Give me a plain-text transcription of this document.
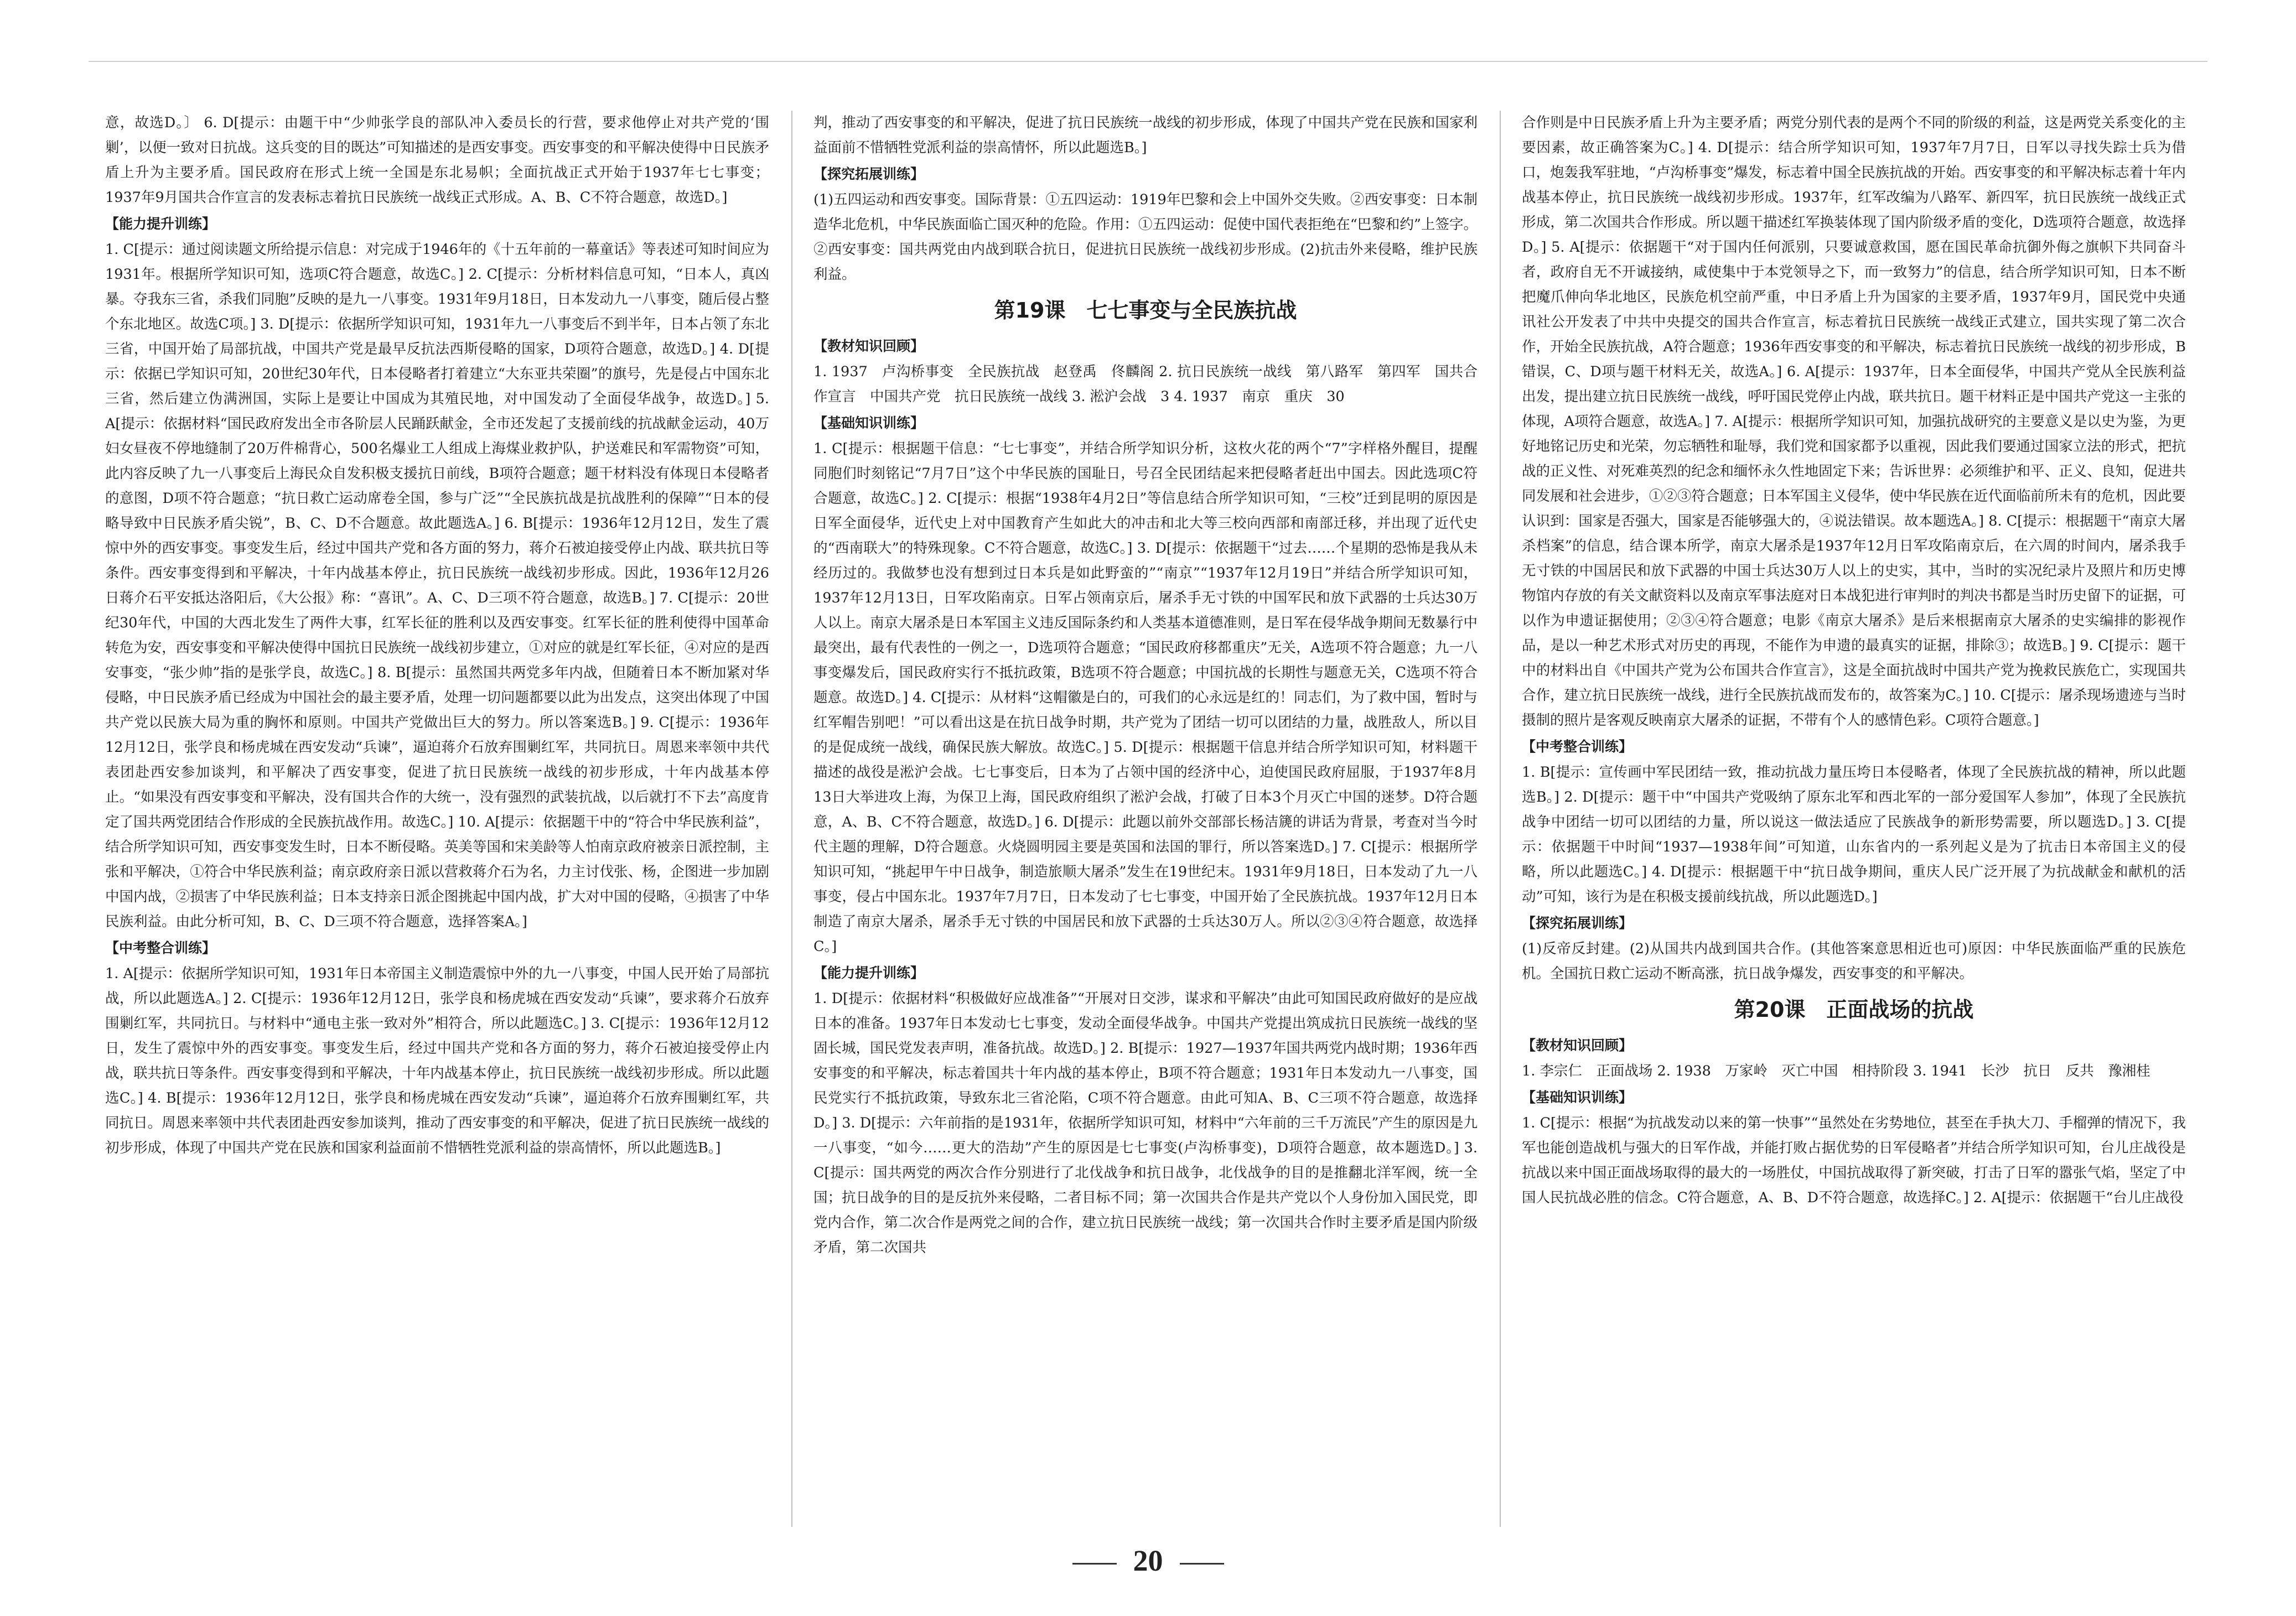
意，故选D。〕 6. D[提示：由题干中“少帅张学良的部队冲入委员长的行营，要求他停止对共产党的‘围剿’，以便一致对日抗战。这兵变的目的既达”可知描述的是西安事变。西安事变的和平解决使得中日民族矛盾上升为主要矛盾。国民政府在形式上统一全国是东北易帜；全面抗战正式开始于1937年七七事变；1937年9月国共合作宣言的发表标志着抗日民族统一战线正式形成。A、B、C不符合题意，故选D。]

【能力提升训练】

1. C[提示：通过阅读题文所给提示信息：对完成于1946年的《十五年前的一幕童话》等表述可知时间应为1931年。根据所学知识可知，选项C符合题意，故选C。] 2. C[提示：分析材料信息可知，“日本人，真凶暴。夺我东三省，杀我们同胞”反映的是九一八事变。1931年9月18日，日本发动九一八事变，随后侵占整个东北地区。故选C项。] 3. D[提示：依据所学知识可知，1931年九一八事变后不到半年，日本占领了东北三省，中国开始了局部抗战，中国共产党是最早反抗法西斯侵略的国家，D项符合题意，故选D。] 4. D[提示：依据已学知识可知，20世纪30年代，日本侵略者打着建立“大东亚共荣圈”的旗号，先是侵占中国东北三省，然后建立伪满洲国，实际上是要让中国成为其殖民地，对中国发动了全面侵华战争，故选D。] 5. A[提示：依据材料“国民政府发出全市各阶层人民踊跃献金，全市还发起了支援前线的抗战献金运动，40万妇女昼夜不停地缝制了20万件棉背心，500名爆业工人组成上海煤业救护队，护送难民和军需物资”可知，此内容反映了九一八事变后上海民众自发积极支援抗日前线，B项符合题意；题干材料没有体现日本侵略者的意图，D项不符合题意；“抗日救亡运动席卷全国，参与广泛”“全民族抗战是抗战胜利的保障”“日本的侵略导致中日民族矛盾尖锐”，B、C、D不合题意。故此题选A。] 6. B[提示：1936年12月12日，发生了震惊中外的西安事变。事变发生后，经过中国共产党和各方面的努力，蒋介石被迫接受停止内战、联共抗日等条件。西安事变得到和平解决，十年内战基本停止，抗日民族统一战线初步形成。因此，1936年12月26日蒋介石平安抵达洛阳后，《大公报》称：“喜讯”。A、C、D三项不符合题意，故选B。] 7. C[提示：20世纪30年代，中国的大西北发生了两件大事，红军长征的胜利以及西安事变。红军长征的胜利使得中国革命转危为安，西安事变和平解决使得中国抗日民族统一战线初步建立，①对应的就是红军长征，④对应的是西安事变，“张少帅”指的是张学良，故选C。] 8. B[提示：虽然国共两党多年内战，但随着日本不断加紧对华侵略，中日民族矛盾已经成为中国社会的最主要矛盾，处理一切问题都要以此为出发点，这突出体现了中国共产党以民族大局为重的胸怀和原则。中国共产党做出巨大的努力。所以答案选B。] 9. C[提示：1936年12月12日，张学良和杨虎城在西安发动“兵谏”，逼迫蒋介石放弃围剿红军，共同抗日。周恩来率领中共代表团赴西安参加谈判，和平解决了西安事变，促进了抗日民族统一战线的初步形成，十年内战基本停止。“如果没有西安事变和平解决，没有国共合作的大统一，没有强烈的武装抗战，以后就打不下去”高度肯定了国共两党团结合作形成的全民族抗战作用。故选C。] 10. A[提示：依据题干中的“符合中华民族利益”，结合所学知识可知，西安事变发生时，日本不断侵略。英美等国和宋美龄等人怕南京政府被亲日派控制，主张和平解决，①符合中华民族利益；南京政府亲日派以营救蒋介石为名，力主讨伐张、杨，企图进一步加剧中国内战，②损害了中华民族利益；日本支持亲日派企图挑起中国内战，扩大对中国的侵略，④损害了中华民族利益。由此分析可知，B、C、D三项不符合题意，选择答案A。]

【中考整合训练】

1. A[提示：依据所学知识可知，1931年日本帝国主义制造震惊中外的九一八事变，中国人民开始了局部抗战，所以此题选A。] 2. C[提示：1936年12月12日，张学良和杨虎城在西安发动“兵谏”，要求蒋介石放弃围剿红军，共同抗日。与材料中“通电主张一致对外”相符合，所以此题选C。] 3. C[提示：1936年12月12日，发生了震惊中外的西安事变。事变发生后，经过中国共产党和各方面的努力，蒋介石被迫接受停止内战，联共抗日等条件。西安事变得到和平解决，十年内战基本停止，抗日民族统一战线初步形成。所以此题选C。] 4. B[提示：1936年12月12日，张学良和杨虎城在西安发动“兵谏”，逼迫蒋介石放弃围剿红军，共同抗日。周恩来率领中共代表团赴西安参加谈判，推动了西安事变的和平解决，促进了抗日民族统一战线的初步形成，体现了中国共产党在民族和国家利益面前不惜牺牲党派利益的崇高情怀，所以此题选B。]

判，推动了西安事变的和平解决，促进了抗日民族统一战线的初步形成，体现了中国共产党在民族和国家利益面前不惜牺牲党派利益的崇高情怀，所以此题选B。]

【探究拓展训练】

(1)五四运动和西安事变。国际背景：①五四运动：1919年巴黎和会上中国外交失败。②西安事变：日本制造华北危机，中华民族面临亡国灭种的危险。作用：①五四运动：促使中国代表拒绝在“巴黎和约”上签字。②西安事变：国共两党由内战到联合抗日，促进抗日民族统一战线初步形成。(2)抗击外来侵略，维护民族利益。

第19课　七七事变与全民族抗战
【教材知识回顾】

1. 1937　卢沟桥事变　全民族抗战　赵登禹　佟麟阁 2. 抗日民族统一战线　第八路军　第四军　国共合作宣言　中国共产党　抗日民族统一战线 3. 淞沪会战　3 4. 1937　南京　重庆　30

【基础知识训练】

1. C[提示：根据题干信息：“七七事变”，并结合所学知识分析，这枚火花的两个“7”字样格外醒目，提醒同胞们时刻铭记“7月7日”这个中华民族的国耻日，号召全民团结起来把侵略者赶出中国去。因此选项C符合题意，故选C。] 2. C[提示：根据“1938年4月2日”等信息结合所学知识可知，“三校”迁到昆明的原因是日军全面侵华，近代史上对中国教育产生如此大的冲击和北大等三校向西部和南部迁移，并出现了近代史的“西南联大”的特殊现象。C不符合题意，故选C。] 3. D[提示：依据题干“过去……个星期的恐怖是我从未经历过的。我做梦也没有想到过日本兵是如此野蛮的”“南京”“1937年12月19日”并结合所学知识可知，1937年12月13日，日军攻陷南京。日军占领南京后，屠杀手无寸铁的中国军民和放下武器的士兵达30万人以上。南京大屠杀是日本军国主义违反国际条约和人类基本道德准则，是日军在侵华战争期间无数暴行中最突出，最有代表性的一例之一，D选项符合题意；“国民政府移都重庆”无关，A选项不符合题意；九一八事变爆发后，国民政府实行不抵抗政策，B选项不符合题意；中国抗战的长期性与题意无关，C选项不符合题意。故选D。] 4. C[提示：从材料“这帽徽是白的，可我们的心永远是红的！同志们，为了救中国，暂时与红军帽告别吧！”可以看出这是在抗日战争时期，共产党为了团结一切可以团结的力量，战胜敌人，所以目的是促成统一战线，确保民族大解放。故选C。] 5. D[提示：根据题干信息并结合所学知识可知，材料题干描述的战役是淞沪会战。七七事变后，日本为了占领中国的经济中心，迫使国民政府屈服，于1937年8月13日大举进攻上海，为保卫上海，国民政府组织了淞沪会战，打破了日本3个月灭亡中国的迷梦。D符合题意，A、B、C不符合题意，故选D。] 6. D[提示：此题以前外交部部长杨洁篪的讲话为背景，考查对当今时代主题的理解，D符合题意。火烧圆明园主要是英国和法国的罪行，所以答案选D。] 7. C[提示：根据所学知识可知，“挑起甲午中日战争，制造旅顺大屠杀”发生在19世纪末。1931年9月18日，日本发动了九一八事变，侵占中国东北。1937年7月7日，日本发动了七七事变，中国开始了全民族抗战。1937年12月日本制造了南京大屠杀，屠杀手无寸铁的中国居民和放下武器的士兵达30万人。所以②③④符合题意，故选择C。]

【能力提升训练】

1. D[提示：依据材料“积极做好应战准备”“开展对日交涉，谋求和平解决”由此可知国民政府做好的是应战日本的准备。1937年日本发动七七事变，发动全面侵华战争。中国共产党提出筑成抗日民族统一战线的坚固长城，国民党发表声明，准备抗战。故选D。] 2. B[提示：1927—1937年国共两党内战时期；1936年西安事变的和平解决，标志着国共十年内战的基本停止，B项不符合题意；1931年日本发动九一八事变，国民党实行不抵抗政策，导致东北三省沦陷，C项不符合题意。由此可知A、B、C三项不符合题意，故选择D。] 3. D[提示：六年前指的是1931年，依据所学知识可知，材料中“六年前的三千万流民”产生的原因是九一八事变，“如今……更大的浩劫”产生的原因是七七事变(卢沟桥事变)，D项符合题意，故本题选D。] 3. C[提示：国共两党的两次合作分别进行了北伐战争和抗日战争，北伐战争的目的是推翻北洋军阀，统一全国；抗日战争的目的是反抗外来侵略，二者目标不同；第一次国共合作是共产党以个人身份加入国民党，即党内合作，第二次合作是两党之间的合作，建立抗日民族统一战线；第一次国共合作时主要矛盾是国内阶级矛盾，第二次国共

合作则是中日民族矛盾上升为主要矛盾；两党分别代表的是两个不同的阶级的利益，这是两党关系变化的主要因素，故正确答案为C。] 4. D[提示：结合所学知识可知，1937年7月7日，日军以寻找失踪士兵为借口，炮轰我军驻地，“卢沟桥事变”爆发，标志着中国全民族抗战的开始。西安事变的和平解决标志着十年内战基本停止，抗日民族统一战线初步形成。1937年，红军改编为八路军、新四军，抗日民族统一战线正式形成，第二次国共合作形成。所以题干描述红军换装体现了国内阶级矛盾的变化，D选项符合题意，故选择D。] 5. A[提示：依据题干“对于国内任何派别，只要诚意救国，愿在国民革命抗御外侮之旗帜下共同奋斗者，政府自无不开诚接纳，咸使集中于本党领导之下，而一致努力”的信息，结合所学知识可知，日本不断把魔爪伸向华北地区，民族危机空前严重，中日矛盾上升为国家的主要矛盾，1937年9月，国民党中央通讯社公开发表了中共中央提交的国共合作宣言，标志着抗日民族统一战线正式建立，国共实现了第二次合作，开始全民族抗战，A符合题意；1936年西安事变的和平解决，标志着抗日民族统一战线的初步形成，B错误，C、D项与题干材料无关，故选A。] 6. A[提示：1937年，日本全面侵华，中国共产党从全民族利益出发，提出建立抗日民族统一战线，呼吁国民党停止内战，联共抗日。题干材料正是中国共产党这一主张的体现，A项符合题意，故选A。] 7. A[提示：根据所学知识可知，加强抗战研究的主要意义是以史为鉴，为更好地铭记历史和光荣，勿忘牺牲和耻辱，我们党和国家都予以重视，因此我们要通过国家立法的形式，把抗战的正义性、对死难英烈的纪念和缅怀永久性地固定下来；告诉世界：必须维护和平、正义、良知，促进共同发展和社会进步，①②③符合题意；日本军国主义侵华，使中华民族在近代面临前所未有的危机，因此要认识到：国家是否强大，国家是否能够强大的，④说法错误。故本题选A。] 8. C[提示：根据题干“南京大屠杀档案”的信息，结合课本所学，南京大屠杀是1937年12月日军攻陷南京后，在六周的时间内，屠杀我手无寸铁的中国居民和放下武器的中国士兵达30万人以上的史实，其中，当时的实况纪录片及照片和历史博物馆内存放的有关文献资料以及南京军事法庭对日本战犯进行审判时的判决书都是当时历史留下的证据，可以作为申遗证据使用；②③④符合题意；电影《南京大屠杀》是后来根据南京大屠杀的史实编排的影视作品，是以一种艺术形式对历史的再现，不能作为申遗的最真实的证据，排除③；故选B。] 9. C[提示：题干中的材料出自《中国共产党为公布国共合作宣言》，这是全面抗战时中国共产党为挽救民族危亡，实现国共合作，建立抗日民族统一战线，进行全民族抗战而发布的，故答案为C。] 10. C[提示：屠杀现场遗迹与当时摄制的照片是客观反映南京大屠杀的证据，不带有个人的感情色彩。C项符合题意。]

【中考整合训练】

1. B[提示：宣传画中军民团结一致，推动抗战力量压垮日本侵略者，体现了全民族抗战的精神，所以此题选B。] 2. D[提示：题干中“中国共产党吸纳了原东北军和西北军的一部分爱国军人参加”，体现了全民族抗战争中团结一切可以团结的力量，所以说这一做法适应了民族战争的新形势需要，所以题选D。] 3. C[提示：依据题干中时间“1937—1938年间”可知道，山东省内的一系列起义是为了抗击日本帝国主义的侵略，所以此题选C。] 4. D[提示：根据题干中“抗日战争期间，重庆人民广泛开展了为抗战献金和献机的活动”可知，该行为是在积极支援前线抗战，所以此题选D。]

【探究拓展训练】

(1)反帝反封建。(2)从国共内战到国共合作。(其他答案意思相近也可)原因：中华民族面临严重的民族危机。全国抗日救亡运动不断高涨，抗日战争爆发，西安事变的和平解决。

第20课　正面战场的抗战
【教材知识回顾】

1. 李宗仁　正面战场 2. 1938　万家岭　灭亡中国　相持阶段 3. 1941　长沙　抗日　反共　豫湘桂

【基础知识训练】

1. C[提示：根据“为抗战发动以来的第一快事”“虽然处在劣势地位，甚至在手执大刀、手榴弹的情况下，我军也能创造战机与强大的日军作战，并能打败占据优势的日军侵略者”并结合所学知识可知，台儿庄战役是抗战以来中国正面战场取得的最大的一场胜仗，中国抗战取得了新突破，打击了日军的嚣张气焰，坚定了中国人民抗战必胜的信念。C符合题意，A、B、D不符合题意，故选择C。] 2. A[提示：依据题干“台儿庄战役

20
